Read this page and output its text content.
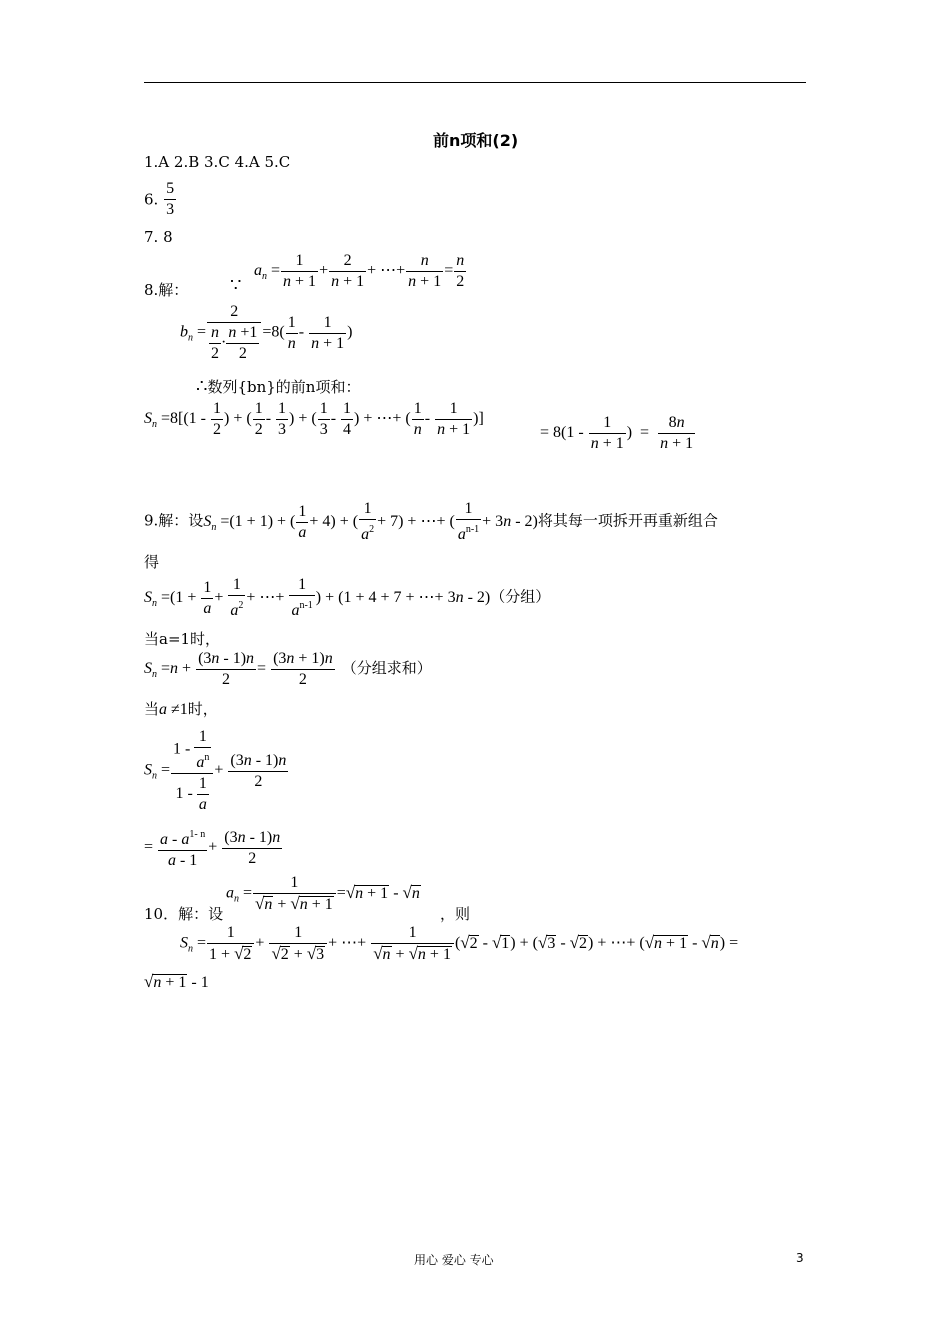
前n项和(2)
1.A 2.B 3.C 4.A 5.C
6. $\frac{5}{3}$
7. 8
8.解： ∵
$a_n = \frac{1}{n + 1} + \frac{2}{n + 1}$ + ⋯+ $\frac{n}{n + 1} = \frac{n}{2}$
$b_n = \frac{2}{\frac{n}{2} \cdot \frac{n +1}{2}} =8( \frac{1}{n} - \frac{1}{n + 1}$ )
∴数列{bn}的前n项和：
$S_n =8[(1 - \frac{1}{2}$ ) + ( $\frac{1}{2} - \frac{1}{3}$ ) + ( $\frac{1}{3} - \frac{1}{4}$ ) + ⋯+ ( $\frac{1}{n} - \frac{1}{n + 1}$ )]
= $8(1 - \frac{1}{n + 1}$ )  = $\frac{8n}{n + 1}$
9.解：设$S_n =(1 + 1)$ + ( $\frac{1}{a} + 4$) + ( $\frac{1}{a^2} + 7$) + ⋯+ ( $\frac{1}{a^{n-1}} + 3n - 2$)将其每一项拆开再重新组合
得
$S_n =(1 + \frac{1}{a} + \frac{1}{a^2}$ + ⋯+ $\frac{1}{a^{n-1}}$ ) + (1 + 4 + 7 + ⋯+ 3n - 2)（分组）
当a=1时，
$S_n =n + \frac{(3n - 1)n}{2} = \frac{(3n + 1)n}{2}$ （分组求和）
当a ≠1时，
$S_n = \frac{1 - \frac{1}{a^n}}{1 - \frac{1}{a}} + \frac{(3n - 1)n}{2}$
= $\frac{a - a^{1- n}}{a - 1} + \frac{(3n - 1)n}{2}$
10．解：设
$a_n = \frac{1}{√n + √n + 1} =√n + 1 - √n$
，则
$S_n = \frac{1}{1 + √2} + \frac{1}{√2 + √3}$ + ⋯+ $\frac{1}{√n + √n + 1} (√2 - √1) + (√3 - √2)$ + ⋯+ (√n + 1 - √n) =
√n + 1 - 1
用心 爱心 专心	3
